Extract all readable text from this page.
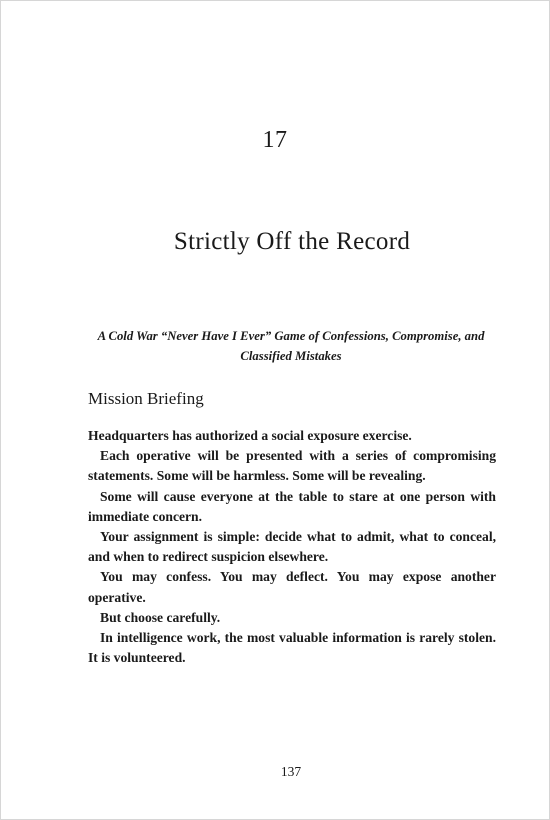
17
Strictly Off the Record
A Cold War “Never Have I Ever” Game of Confessions, Compromise, and
Classified Mistakes
Mission Briefing

Headquarters has authorized a social exposure exercise.

Each operative will be presented with a series of compromising statements. Some will be harmless. Some will be revealing.

Some will cause everyone at the table to stare at one person with immediate concern.

Your assignment is simple: decide what to admit, what to conceal, and when to redirect suspicion elsewhere.

You may confess. You may deflect. You may expose another operative.

But choose carefully.

In intelligence work, the most valuable information is rarely stolen. It is volunteered.

137
